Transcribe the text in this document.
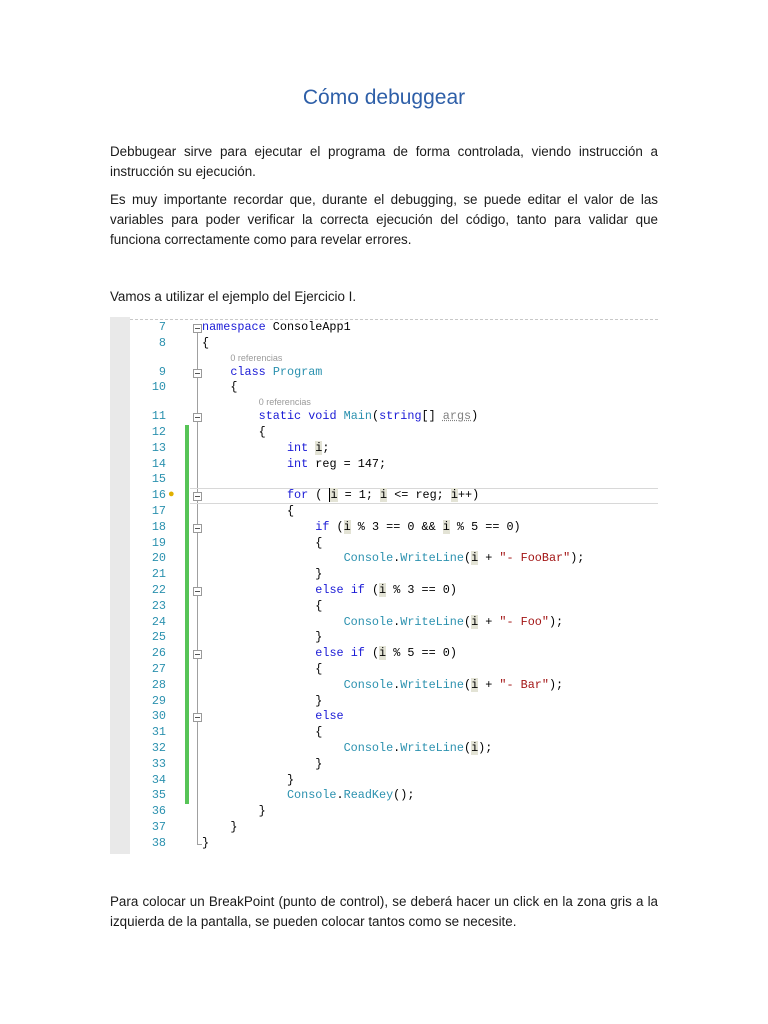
Cómo debuggear
Debbugear sirve para ejecutar el programa de forma controlada, viendo instrucción a instrucción su ejecución.
Es muy importante recordar que, durante el debugging, se puede editar el valor de las variables para poder verificar la correcta ejecución del código, tanto para validar que funciona correctamente como para revelar errores.
Vamos a utilizar el ejemplo del Ejercicio I.
7	namespace ConsoleApp1
8	{
0 referencias
9	class Program
10	{
0 referencias
11	static void Main(string[] args)
12	{
13	int i;
14	int reg = 147;
15
16 ●	for ( i = 1; i <= reg; i++)
17	{
18	if (i % 3 == 0 && i % 5 == 0)
19	{
20	Console.WriteLine(i + "- FooBar");
21	}
22	else if (i % 3 == 0)
23	{
24	Console.WriteLine(i + "- Foo");
25	}
26	else if (i % 5 == 0)
27	{
28	Console.WriteLine(i + "- Bar");
29	}
30	else
31	{
32	Console.WriteLine(i);
33	}
34	}
35	Console.ReadKey();
36	}
37	}
38	}
Para colocar un BreakPoint (punto de control), se deberá hacer un click en la zona gris a la izquierda de la pantalla, se pueden colocar tantos como se necesite.
